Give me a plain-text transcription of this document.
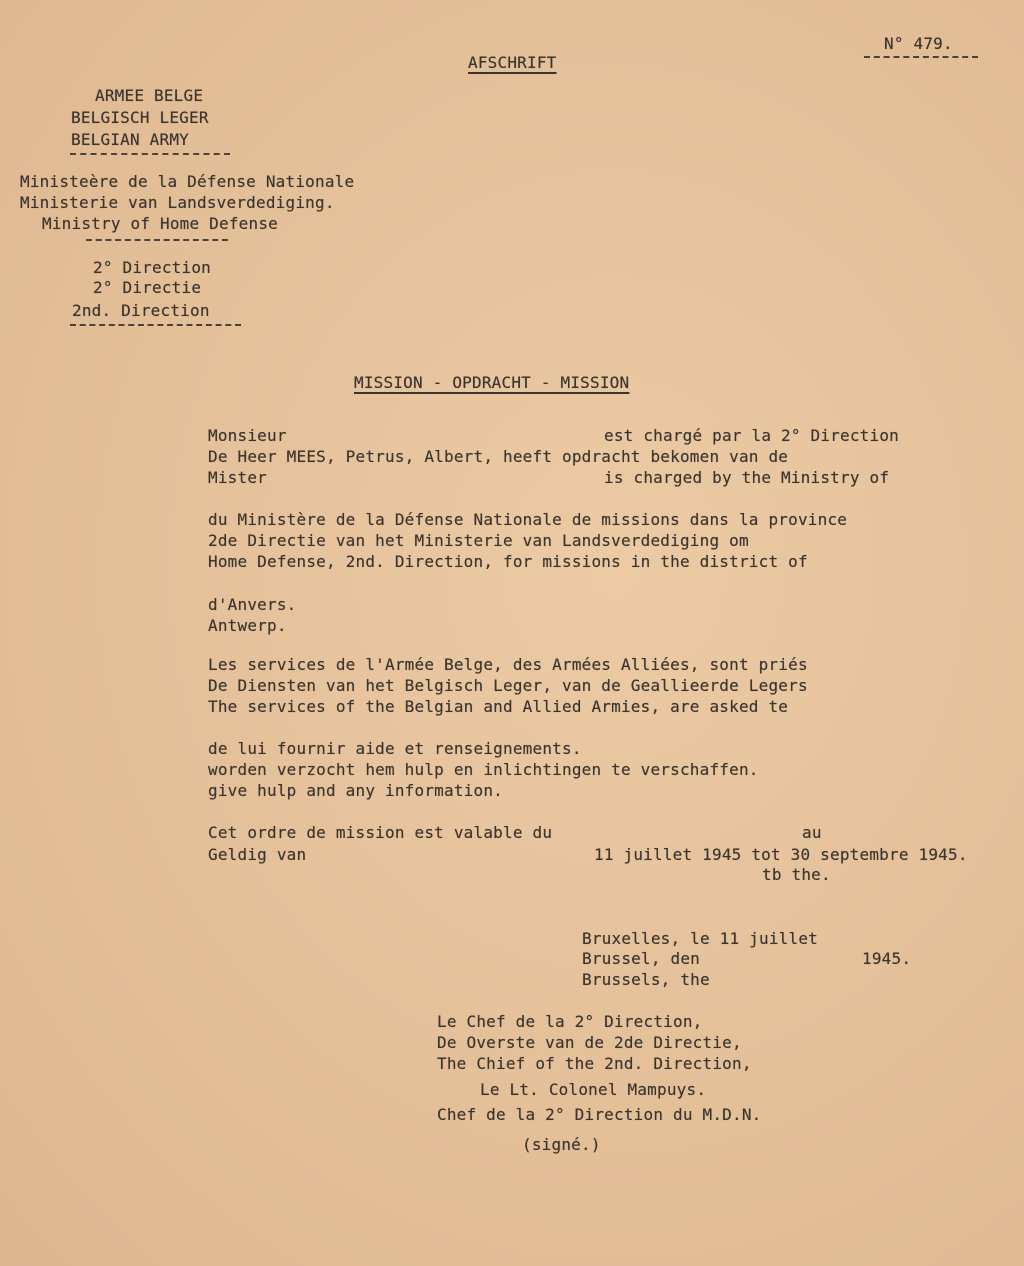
AFSCHRIFT
N° 479.
ARMEE BELGE
BELGISCH LEGER
BELGIAN ARMY
Ministeère de la Défense Nationale
Ministerie van Landsverdediging.
Ministry of Home Defense
2° Direction
2° Directie
2nd. Direction
MISSION - OPDRACHT - MISSION
Monsieur	est chargé par la 2° Direction
De Heer MEES, Petrus, Albert, heeft opdracht bekomen van de
Mister	is charged by the Ministry of
du Ministère de la Défense Nationale de missions dans la province
2de Directie van het Ministerie van Landsverdediging om
Home Defense, 2nd. Direction, for missions in the district of
d'Anvers.
Antwerp.
Les services de l'Armée Belge, des Armées Alliées, sont priés
De Diensten van het Belgisch Leger, van de Geallieerde Legers
The services of the Belgian and Allied Armies, are asked te
de lui fournir aide et renseignements.
worden verzocht hem hulp en inlichtingen te verschaffen.
give hulp and any information.
Cet ordre de mission est valable du	au
Geldig van	11 juillet 1945 tot 30 septembre 1945.
tb the.
Bruxelles, le 11 juillet
Brussel, den
Brussels, the
1945.
Le Chef de la 2° Direction,
De Overste van de 2de Directie,
The Chief of the 2nd. Direction,
Le Lt. Colonel Mampuys.
Chef de la 2° Direction du M.D.N.
(signé.)
